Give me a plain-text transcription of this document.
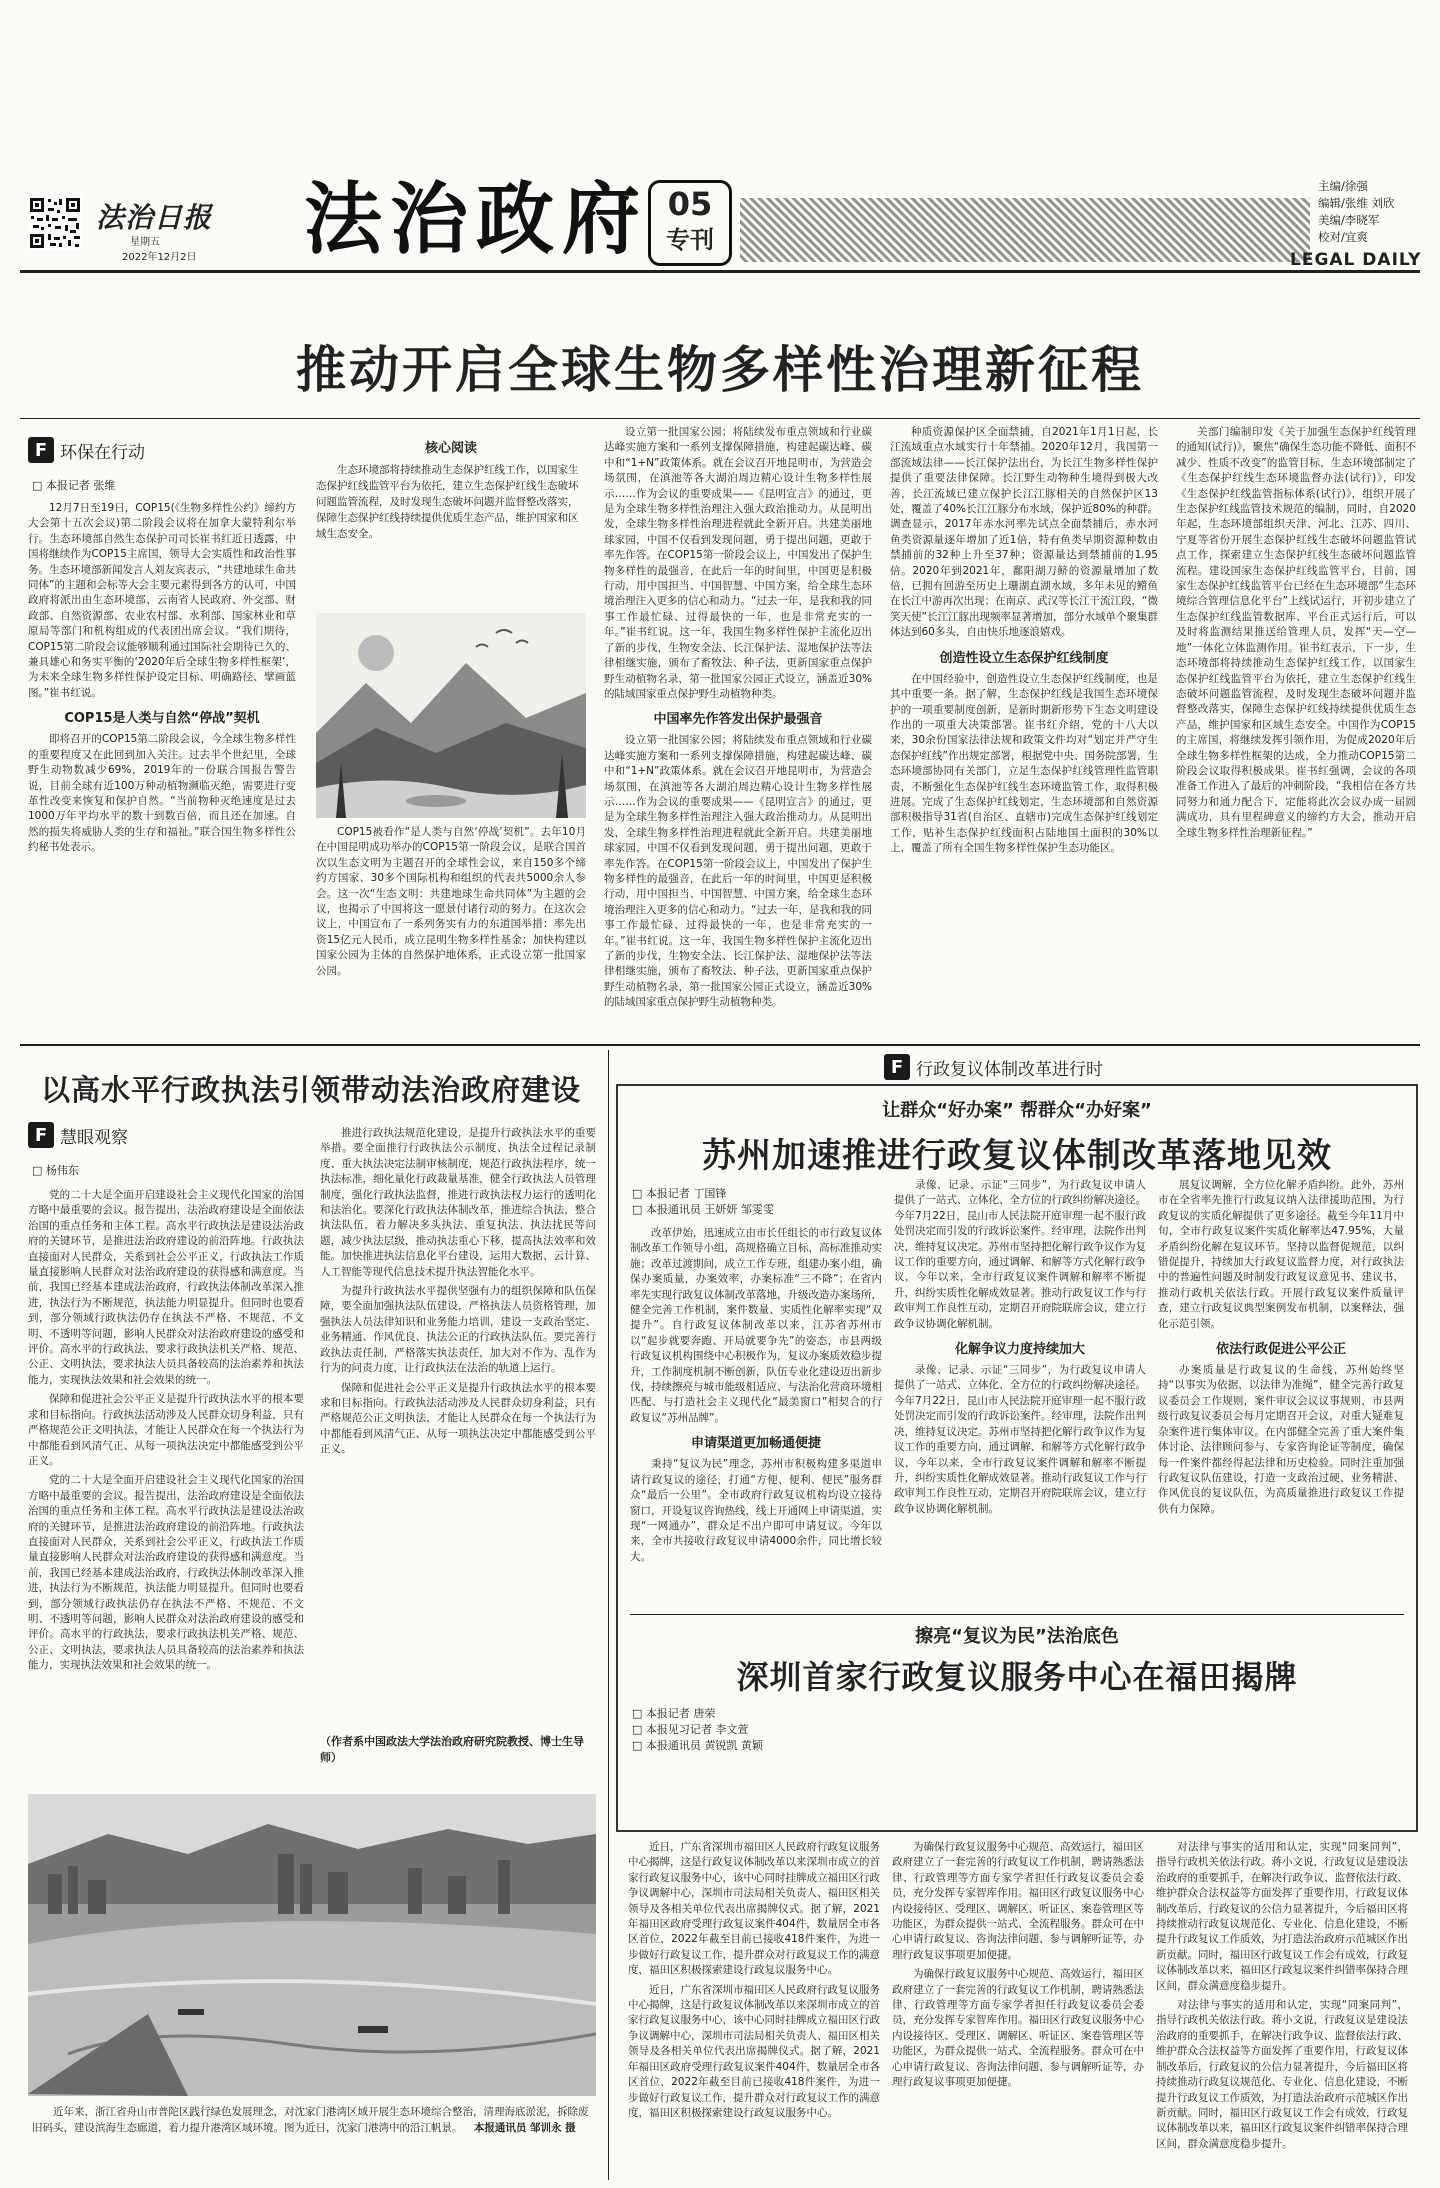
法治日报
星期五
2022年12月2日 法治政府 05
专刊
主编/徐强
编辑/张维 刘欣
美编/李晓军
校对/宜爽
LEGAL DAILY
推动开启全球生物多样性治理新征程
F 环保在行动
□ 本报记者 张维

12月7日至19日，COP15(《生物多样性公约》缔约方大会第十五次会议)第二阶段会议将在加拿大蒙特利尔举行。生态环境部自然生态保护司司长崔书红近日透露，中国将继续作为COP15主席国，领导大会实质性和政治性事务。生态环境部新闻发言人刘友宾表示，“共建地球生命共同体”的主题和会标等大会主要元素得到各方的认可，中国政府将派出由生态环境部、云南省人民政府、外交部、财政部、自然资源部、农业农村部、水利部、国家林业和草原局等部门和机构组成的代表团出席会议。“我们期待，COP15第二阶段会议能够顺利通过国际社会期待已久的、兼具雄心和务实平衡的‘2020年后全球生物多样性框架’，为未来全球生物多样性保护设定目标、明确路径、擘画蓝图。”崔书红说。

COP15是人类与自然“停战”契机

即将召开的COP15第二阶段会议，今全球生物多样性的重要程度又在此回到加入关注。过去半个世纪里，全球野生动物数减少69%，2019年的一份联合国报告警告说，目前全球有近100万种动植物濒临灭绝，需要进行变革性改变来恢复和保护自然。“当前物种灭绝速度是过去1000万年平均水平的数十到数百倍，而且还在加速。自然的损失将威胁人类的生存和福祉。”联合国生物多样性公约秘书处表示。

核心阅读
生态环境部将持续推动生态保护红线工作，以国家生态保护红线监管平台为依托，建立生态保护红线生态破坏问题监管流程，及时发现生态破坏问题并监督整改落实，保障生态保护红线持续提供优质生态产品，维护国家和区域生态安全。

COP15被看作“是人类与自然‘停战’契机”。去年10月在中国昆明成功举办的COP15第一阶段会议，是联合国首次以生态文明为主题召开的全球性会议，来自150多个缔约方国家、30多个国际机构和组织的代表共5000余人参会。这一次“生态文明：共建地球生命共同体”为主题的会议，也揭示了中国将这一愿景付诸行动的努力。在这次会议上，中国宣布了一系列务实有力的东道国举措：率先出资15亿元人民币，成立昆明生物多样性基金；加快构建以国家公园为主体的自然保护地体系，正式设立第一批国家公园。

设立第一批国家公园；将陆续发布重点领域和行业碳达峰实施方案和一系列支撑保障措施，构建起碳达峰、碳中和“1+N”政策体系。就在会议召开地昆明市，为营造会场氛围，在滇池等各大湖泊周边精心设计生物多样性展示……作为会议的重要成果——《昆明宣言》的通过，更是为全球生物多样性治理注入强大政治推动力。从昆明出发，全球生物多样性治理进程就此全新开启。共建美丽地球家园，中国不仅看到发现问题，勇于提出问题，更敢于率先作答。在COP15第一阶段会议上，中国发出了保护生物多样性的最强音，在此后一年的时间里，中国更是积极行动，用中国担当、中国智慧、中国方案，给全球生态环境治理注入更多的信心和动力。“过去一年，是我和我的同事工作最忙碌、过得最快的一年，也是非常充实的一年。”崔书红说。这一年，我国生物多样性保护主流化迈出了新的步伐，生物安全法、长江保护法、湿地保护法等法律相继实施，颁布了畜牧法、种子法，更新国家重点保护野生动植物名录，第一批国家公园正式设立，涵盖近30%的陆域国家重点保护野生动植物种类。

中国率先作答发出保护最强音

设立第一批国家公园；将陆续发布重点领域和行业碳达峰实施方案和一系列支撑保障措施，构建起碳达峰、碳中和“1+N”政策体系。就在会议召开地昆明市，为营造会场氛围，在滇池等各大湖泊周边精心设计生物多样性展示……作为会议的重要成果——《昆明宣言》的通过，更是为全球生物多样性治理注入强大政治推动力。从昆明出发，全球生物多样性治理进程就此全新开启。共建美丽地球家园，中国不仅看到发现问题，勇于提出问题，更敢于率先作答。在COP15第一阶段会议上，中国发出了保护生物多样性的最强音，在此后一年的时间里，中国更是积极行动，用中国担当、中国智慧、中国方案，给全球生态环境治理注入更多的信心和动力。“过去一年，是我和我的同事工作最忙碌、过得最快的一年，也是非常充实的一年。”崔书红说。这一年，我国生物多样性保护主流化迈出了新的步伐，生物安全法、长江保护法、湿地保护法等法律相继实施，颁布了畜牧法、种子法，更新国家重点保护野生动植物名录，第一批国家公园正式设立，涵盖近30%的陆域国家重点保护野生动植物种类。

种质资源保护区全面禁捕，自2021年1月1日起，长江流域重点水域实行十年禁捕。2020年12月，我国第一部流域法律——长江保护法出台，为长江生物多样性保护提供了重要法律保障。长江野生动物种生境得到极大改善，长江流域已建立保护长江江豚相关的自然保护区13处，覆盖了40%长江江豚分布水域，保护近80%的种群。调查显示，2017年赤水河率先试点全面禁捕后，赤水河鱼类资源量逐年增加了近1倍，特有鱼类早期资源种数由禁捕前的32种上升至37种；资源量达到禁捕前的1.95倍。2020年到2021年，鄱阳湖刀鲚的资源量增加了数倍，已拥有回游至历史上珊湖直湖水域，多年未见的鳤鱼在长江中游再次出现；在南京、武汉等长江干流江段，“微笑天使”长江江豚出现频率显著增加，部分水域单个聚集群体达到60多头，自由快乐地逐浪嬉戏。

创造性设立生态保护红线制度

在中国经验中，创造性设立生态保护红线制度，也是其中重要一条。据了解，生态保护红线是我国生态环境保护的一项重要制度创新，是新时期新形势下生态文明建设作出的一项重大决策部署。崔书红介绍，党的十八大以来，30余份国家法律法规和政策文件均对“划定并严守生态保护红线”作出规定部署，根据党中央、国务院部署，生态环境部协同有关部门，立足生态保护红线管理性监管职责，不断强化生态保护红线生态环境监管工作，取得积极进展。完成了生态保护红线划定，生态环境部和自然资源部积极指导31省(自治区、直辖市)完成生态保护红线划定工作，贴补生态保护红线面积占陆地国土面积的30%以上，覆盖了所有全国生物多样性保护生态功能区。

关部门编制印发《关于加强生态保护红线管理的通知(试行)》，聚焦“确保生态功能不降低、面积不减少、性质不改变”的监管目标，生态环境部制定了《生态保护红线生态环境监督办法(试行)》，印发《生态保护红线监管指标体系(试行)》，组织开展了生态保护红线监管技术规范的编制，同时，自2020年起，生态环境部组织天津、河北、江苏、四川、宁夏等省份开展生态保护红线生态破坏问题监管试点工作，探索建立生态保护红线生态破坏问题监管流程。建设国家生态保护红线监管平台，目前，国家生态保护红线监管平台已经在生态环境部“生态环境综合管理信息化平台”上线试运行，开初步建立了生态保护红线监管数据库、平台正式运行后，可以及时将监测结果推送给管理人员，发挥“天—空—地”一体化立体监测作用。崔书红表示，下一步，生态环境部将持续推动生态保护红线工作，以国家生态保护红线监管平台为依托，建立生态保护红线生态破坏问题监管流程，及时发现生态破坏问题并监督整改落实，保障生态保护红线持续提供优质生态产品，维护国家和区域生态安全。中国作为COP15的主席国，将继续发挥引领作用，为促成2020年后全球生物多样性框架的达成，全力推动COP15第二阶段会议取得积极成果。崔书红强调，会议的各项准备工作进入了最后的冲刺阶段，“我相信在各方共同努力和通力配合下，定能将此次会议办成一届圆满成功，具有里程碑意义的缔约方大会，推动开启全球生物多样性治理新征程。”

以高水平行政执法引领带动法治政府建设
F 慧眼观察
□ 杨伟东

党的二十大是全面开启建设社会主义现代化国家的治国方略中最重要的会议。报告提出，法治政府建设是全面依法治国的重点任务和主体工程。高水平行政执法是建设法治政府的关键环节，是推进法治政府建设的前沿阵地。行政执法直接面对人民群众，关系到社会公平正义，行政执法工作质量直接影响人民群众对法治政府建设的获得感和满意度。当前，我国已经基本建成法治政府，行政执法体制改革深入推进，执法行为不断规范，执法能力明显提升。但同时也要看到，部分领域行政执法仍存在执法不严格、不规范、不文明、不透明等问题，影响人民群众对法治政府建设的感受和评价。高水平的行政执法，要求行政执法机关严格、规范、公正、文明执法，要求执法人员具备较高的法治素养和执法能力，实现执法效果和社会效果的统一。

保障和促进社会公平正义是提升行政执法水平的根本要求和目标指向。行政执法活动涉及人民群众切身利益，只有严格规范公正文明执法，才能让人民群众在每一个执法行为中都能看到风清气正、从每一项执法决定中都能感受到公平正义。

党的二十大是全面开启建设社会主义现代化国家的治国方略中最重要的会议。报告提出，法治政府建设是全面依法治国的重点任务和主体工程。高水平行政执法是建设法治政府的关键环节，是推进法治政府建设的前沿阵地。行政执法直接面对人民群众，关系到社会公平正义，行政执法工作质量直接影响人民群众对法治政府建设的获得感和满意度。当前，我国已经基本建成法治政府，行政执法体制改革深入推进，执法行为不断规范，执法能力明显提升。但同时也要看到，部分领域行政执法仍存在执法不严格、不规范、不文明、不透明等问题，影响人民群众对法治政府建设的感受和评价。高水平的行政执法，要求行政执法机关严格、规范、公正、文明执法，要求执法人员具备较高的法治素养和执法能力，实现执法效果和社会效果的统一。

推进行政执法规范化建设，是提升行政执法水平的重要举措。要全面推行行政执法公示制度、执法全过程记录制度、重大执法决定法制审核制度，规范行政执法程序，统一执法标准，细化量化行政裁量基准，健全行政执法人员管理制度，强化行政执法监督，推进行政执法权力运行的透明化和法治化。要深化行政执法体制改革，推进综合执法，整合执法队伍，着力解决多头执法、重复执法、执法扰民等问题，减少执法层级，推动执法重心下移，提高执法效率和效能。加快推进执法信息化平台建设，运用大数据、云计算、人工智能等现代信息技术提升执法智能化水平。

为提升行政执法水平提供坚强有力的组织保障和队伍保障，要全面加强执法队伍建设，严格执法人员资格管理，加强执法人员法律知识和业务能力培训，建设一支政治坚定、业务精通、作风优良、执法公正的行政执法队伍。要完善行政执法责任制，严格落实执法责任，加大对不作为、乱作为行为的问责力度，让行政执法在法治的轨道上运行。

保障和促进社会公平正义是提升行政执法水平的根本要求和目标指向。行政执法活动涉及人民群众切身利益，只有严格规范公正文明执法，才能让人民群众在每一个执法行为中都能看到风清气正、从每一项执法决定中都能感受到公平正义。

（作者系中国政法大学法治政府研究院教授、博士生导师）
近年来，浙江省舟山市普陀区践行绿色发展理念，对沈家门港湾区域开展生态环境综合整治，清理海底淤泥，拆除废旧码头，建设滨海生态廊道，着力提升港湾区域环境。图为近日，沈家门港湾中的沿江帆景。 本报通讯员 邹训永 摄
F 行政复议体制改革进行时
让群众“好办案” 帮群众“办好案”
苏州加速推进行政复议体制改革落地见效
□ 本报记者 丁国锋
□ 本报通讯员 王妍妍 邹雯雯

改革伊始，迅速成立由市长任组长的市行政复议体制改革工作领导小组，高规格确立目标，高标准推动实施；改革过渡期间，成立工作专班，组建办案小组，确保办案质量，办案效率，办案标准“三不降”；在省内率先实现行政复议体制改革落地，升级改造办案场所，健全完善工作机制，案件数量、实质性化解率实现“双提升”。自行政复议体制改革以来，江苏省苏州市以“起步就要奔跑、开局就要争先”的姿态，市县两级行政复议机构围绕中心积极作为，复议办案质效稳步提升，工作制度机制不断创新，队伍专业化建设迈出新步伐，持续擦亮与城市能级相适应、与法治化营商环境相匹配、与打造社会主义现代化“最美窗口”相契合的行政复议“苏州品牌”。

申请渠道更加畅通便捷

秉持“复议为民”理念，苏州市积极构建多渠道申请行政复议的途径，打通“方便、便利、便民”服务群众“最后一公里”。全市政府行政复议机构均设立接待窗口，开设复议咨询热线，线上开通网上申请渠道，实现“一网通办”，群众足不出户即可申请复议。今年以来，全市共接收行政复议申请4000余件，同比增长较大。

录像、记录、示证“三同步”，为行政复议申请人提供了一站式、立体化、全方位的行政纠纷解决途径。今年7月22日，昆山市人民法院开庭审理一起不服行政处罚决定而引发的行政诉讼案件。经审理，法院作出判决，维持复议决定。苏州市坚持把化解行政争议作为复议工作的重要方向，通过调解、和解等方式化解行政争议，今年以来，全市行政复议案件调解和解率不断提升，纠纷实质性化解成效显著。推动行政复议工作与行政审判工作良性互动，定期召开府院联席会议，建立行政争议协调化解机制。

化解争议力度持续加大

录像、记录、示证“三同步”，为行政复议申请人提供了一站式、立体化、全方位的行政纠纷解决途径。今年7月22日，昆山市人民法院开庭审理一起不服行政处罚决定而引发的行政诉讼案件。经审理，法院作出判决，维持复议决定。苏州市坚持把化解行政争议作为复议工作的重要方向，通过调解、和解等方式化解行政争议，今年以来，全市行政复议案件调解和解率不断提升，纠纷实质性化解成效显著。推动行政复议工作与行政审判工作良性互动，定期召开府院联席会议，建立行政争议协调化解机制。

展复议调解，全方位化解矛盾纠纷。此外，苏州市在全省率先推行行政复议纳入法律援助范围，为行政复议的实质化解提供了更多途径。截至今年11月中旬，全市行政复议案件实质化解率达47.95%，大量矛盾纠纷化解在复议环节。坚持以监督促规范，以纠错促提升，持续加大行政复议监督力度，对行政执法中的普遍性问题及时制发行政复议意见书、建议书，推动行政机关依法行政。开展行政复议案件质量评查，建立行政复议典型案例发布机制，以案释法，强化示范引领。

依法行政促进公平公正

办案质量是行政复议的生命线，苏州始终坚持“以事实为依据，以法律为准绳”，健全完善行政复议委员会工作规则，案件审议会议议事规则，市县两级行政复议委员会每月定期召开会议，对重大疑难复杂案件进行集体审议。在内部健全完善了重大案件集体讨论、法律顾问参与、专家咨询论证等制度，确保每一件案件都经得起法律和历史检验。同时注重加强行政复议队伍建设，打造一支政治过硬、业务精湛、作风优良的复议队伍，为高质量推进行政复议工作提供有力保障。

擦亮“复议为民”法治底色
深圳首家行政复议服务中心在福田揭牌
□ 本报记者 唐荣
□ 本报见习记者 李文萱
□ 本报通讯员 黄锐凯 黄颖

近日，广东省深圳市福田区人民政府行政复议服务中心揭牌，这是行政复议体制改革以来深圳市成立的首家行政复议服务中心，该中心同时挂牌成立福田区行政争议调解中心，深圳市司法局相关负责人、福田区相关领导及各相关单位代表出席揭牌仪式。据了解，2021年福田区政府受理行政复议案件404件，数量居全市各区首位，2022年截至目前已接收418件案件，为进一步做好行政复议工作，提升群众对行政复议工作的满意度，福田区积极探索建设行政复议服务中心。

近日，广东省深圳市福田区人民政府行政复议服务中心揭牌，这是行政复议体制改革以来深圳市成立的首家行政复议服务中心，该中心同时挂牌成立福田区行政争议调解中心，深圳市司法局相关负责人、福田区相关领导及各相关单位代表出席揭牌仪式。据了解，2021年福田区政府受理行政复议案件404件，数量居全市各区首位，2022年截至目前已接收418件案件，为进一步做好行政复议工作，提升群众对行政复议工作的满意度，福田区积极探索建设行政复议服务中心。

为确保行政复议服务中心规范、高效运行，福田区政府建立了一套完善的行政复议工作机制，聘请熟悉法律、行政管理等方面专家学者担任行政复议委员会委员，充分发挥专家智库作用。福田区行政复议服务中心内设接待区、受理区、调解区、听证区、案卷管理区等功能区，为群众提供一站式、全流程服务。群众可在中心申请行政复议、咨询法律问题、参与调解听证等，办理行政复议事项更加便捷。

为确保行政复议服务中心规范、高效运行，福田区政府建立了一套完善的行政复议工作机制，聘请熟悉法律、行政管理等方面专家学者担任行政复议委员会委员，充分发挥专家智库作用。福田区行政复议服务中心内设接待区、受理区、调解区、听证区、案卷管理区等功能区，为群众提供一站式、全流程服务。群众可在中心申请行政复议、咨询法律问题、参与调解听证等，办理行政复议事项更加便捷。

对法律与事实的适用和认定，实现“同案同判”，指导行政机关依法行政。蒋小文说，行政复议是建设法治政府的重要抓手，在解决行政争议、监督依法行政、维护群众合法权益等方面发挥了重要作用，行政复议体制改革后，行政复议的公信力显著提升，今后福田区将持续推动行政复议规范化、专业化、信息化建设，不断提升行政复议工作质效，为打造法治政府示范城区作出新贡献。同时，福田区行政复议工作会有成效，行政复议体制改革以来，福田区行政复议案件纠错率保持合理区间，群众满意度稳步提升。

对法律与事实的适用和认定，实现“同案同判”，指导行政机关依法行政。蒋小文说，行政复议是建设法治政府的重要抓手，在解决行政争议、监督依法行政、维护群众合法权益等方面发挥了重要作用，行政复议体制改革后，行政复议的公信力显著提升，今后福田区将持续推动行政复议规范化、专业化、信息化建设，不断提升行政复议工作质效，为打造法治政府示范城区作出新贡献。同时，福田区行政复议工作会有成效，行政复议体制改革以来，福田区行政复议案件纠错率保持合理区间，群众满意度稳步提升。
